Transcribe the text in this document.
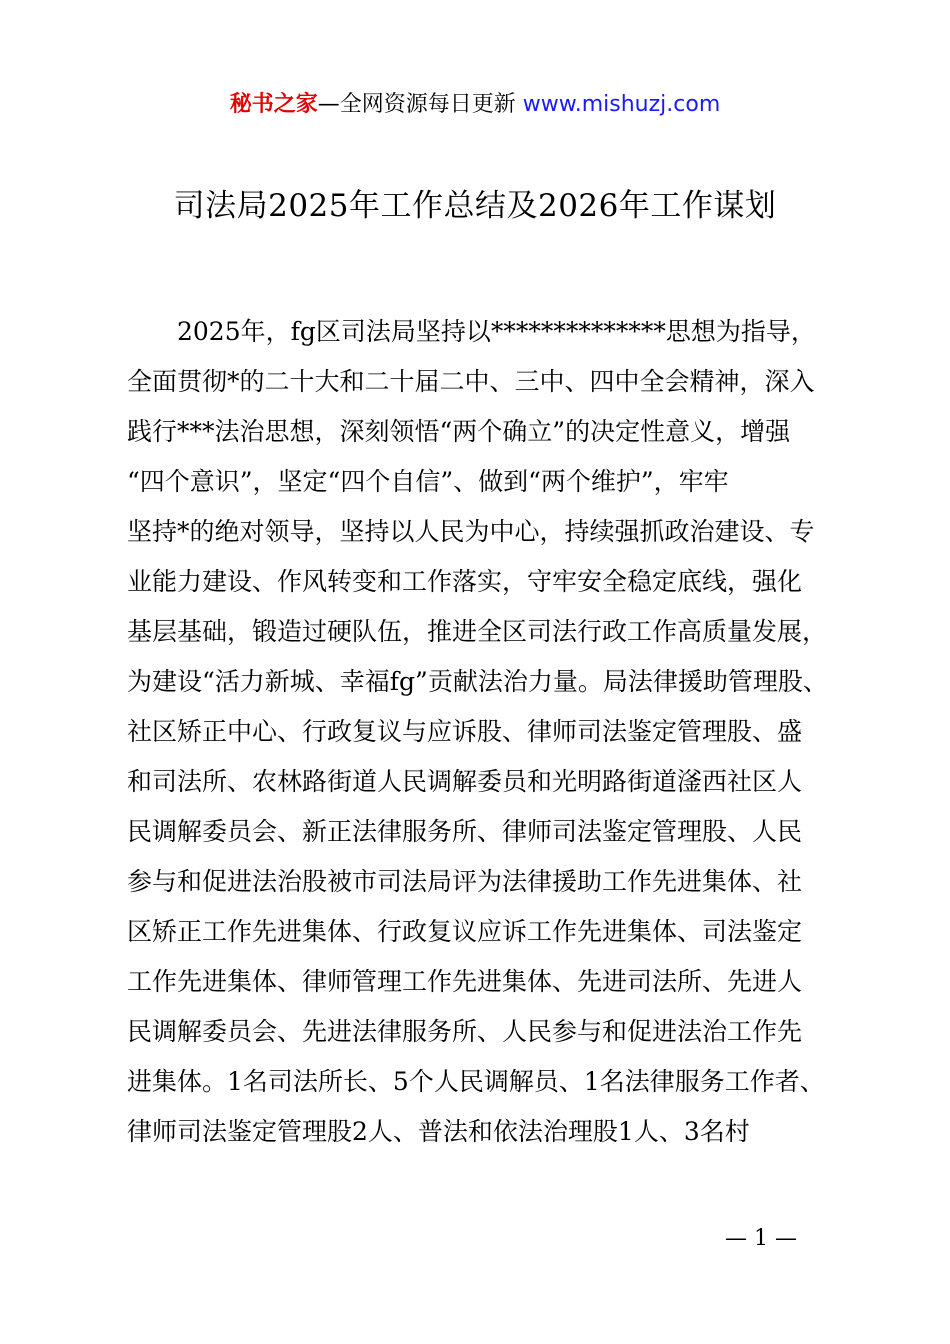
秘书之家—全网资源每日更新 www.mishuzj.com
司法局2025年工作总结及2026年工作谋划
2025年，fg区司法局坚持以**************思想为指导，
全面贯彻*的二十大和二十届二中、三中、四中全会精神，深入
践行***法治思想，深刻领悟“两个确立”的决定性意义，增强
“四个意识”，坚定“四个自信”、做到“两个维护”，牢牢
坚持*的绝对领导，坚持以人民为中心，持续强抓政治建设、专
业能力建设、作风转变和工作落实，守牢安全稳定底线，强化
基层基础，锻造过硬队伍，推进全区司法行政工作高质量发展，
为建设“活力新城、幸福fg”贡献法治力量。局法律援助管理股、
社区矫正中心、行政复议与应诉股、律师司法鉴定管理股、盛
和司法所、农林路街道人民调解委员和光明路街道滏西社区人
民调解委员会、新正法律服务所、律师司法鉴定管理股、人民
参与和促进法治股被市司法局评为法律援助工作先进集体、社
区矫正工作先进集体、行政复议应诉工作先进集体、司法鉴定
工作先进集体、律师管理工作先进集体、先进司法所、先进人
民调解委员会、先进法律服务所、人民参与和促进法治工作先
进集体。1名司法所长、5个人民调解员、1名法律服务工作者、
律师司法鉴定管理股2人、普法和依法治理股1人、3名村
— 1 —
